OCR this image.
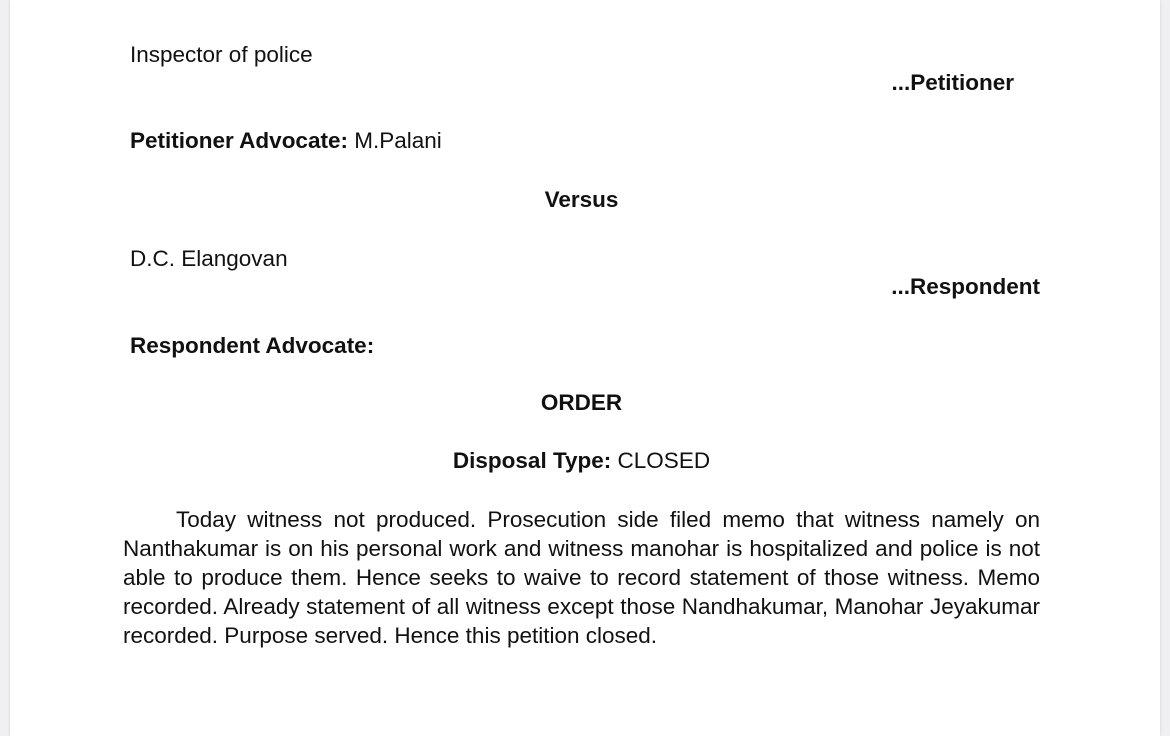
Inspector of police
...Petitioner
Petitioner Advocate: M.Palani
Versus
D.C. Elangovan
...Respondent
Respondent Advocate:
ORDER
Disposal Type: CLOSED
Today witness not produced. Prosecution side filed memo that witness namely on Nanthakumar is on his personal work and witness manohar is hospitalized and police is not able to produce them. Hence seeks to waive to record statement of those witness. Memo recorded. Already statement of all witness except those Nandhakumar, Manohar Jeyakumar recorded. Purpose served. Hence this petition closed.
